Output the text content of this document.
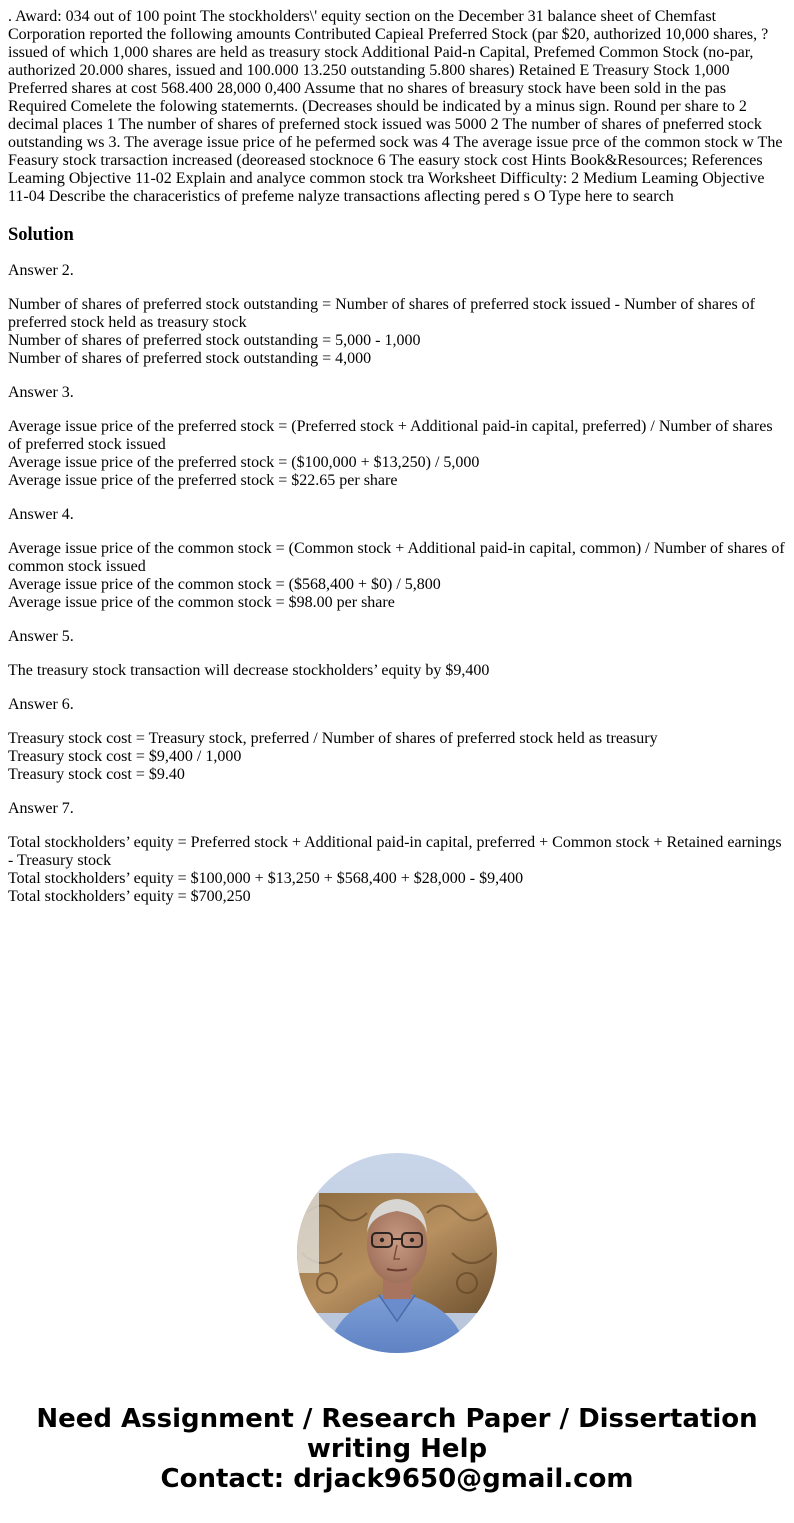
. Award: 034 out of 100 point The stockholders\' equity section on the December 31 balance sheet of Chemfast Corporation reported the following amounts Contributed Capieal Preferred Stock (par $20, authorized 10,000 shares, ? issued of which 1,000 shares are held as treasury stock Additional Paid-n Capital, Prefemed Common Stock (no-par, authorized 20.000 shares, issued and 100.000 13.250 outstanding 5.800 shares) Retained E Treasury Stock 1,000 Preferred shares at cost 568.400 28,000 0,400 Assume that no shares of breasury stock have been sold in the pas Required Comelete the folowing statemernts. (Decreases should be indicated by a minus sign. Round per share to 2 decimal places 1 The number of shares of preferned stock issued was 5000 2 The number of shares of pneferred stock outstanding ws 3. The average issue price of he pefermed sock was 4 The average issue prce of the common stock w The Feasury stock trarsaction increased (deoreased stocknoce 6 The easury stock cost Hints Book&Resources; References Leaming Objective 11-02 Explain and analyce common stock tra Worksheet Difficulty: 2 Medium Leaming Objective 11-04 Describe the characeristics of prefeme nalyze transactions aflecting pered s O Type here to search

Solution
Answer 2.
Number of shares of preferred stock outstanding = Number of shares of preferred stock issued - Number of shares of preferred stock held as treasury stock
Number of shares of preferred stock outstanding = 5,000 - 1,000
Number of shares of preferred stock outstanding = 4,000
Answer 3.
Average issue price of the preferred stock = (Preferred stock + Additional paid-in capital, preferred) / Number of shares of preferred stock issued
Average issue price of the preferred stock = ($100,000 + $13,250) / 5,000
Average issue price of the preferred stock = $22.65 per share
Answer 4.
Average issue price of the common stock = (Common stock + Additional paid-in capital, common) / Number of shares of common stock issued
Average issue price of the common stock = ($568,400 + $0) / 5,800
Average issue price of the common stock = $98.00 per share
Answer 5.
The treasury stock transaction will decrease stockholders’ equity by $9,400
Answer 6.
Treasury stock cost = Treasury stock, preferred / Number of shares of preferred stock held as treasury
Treasury stock cost = $9,400 / 1,000
Treasury stock cost = $9.40
Answer 7.
Total stockholders’ equity = Preferred stock + Additional paid-in capital, preferred + Common stock + Retained earnings - Treasury stock
Total stockholders’ equity = $100,000 + $13,250 + $568,400 + $28,000 - $9,400
Total stockholders’ equity = $700,250
Need Assignment / Research Paper / Dissertation
writing Help
Contact: drjack9650@gmail.com
